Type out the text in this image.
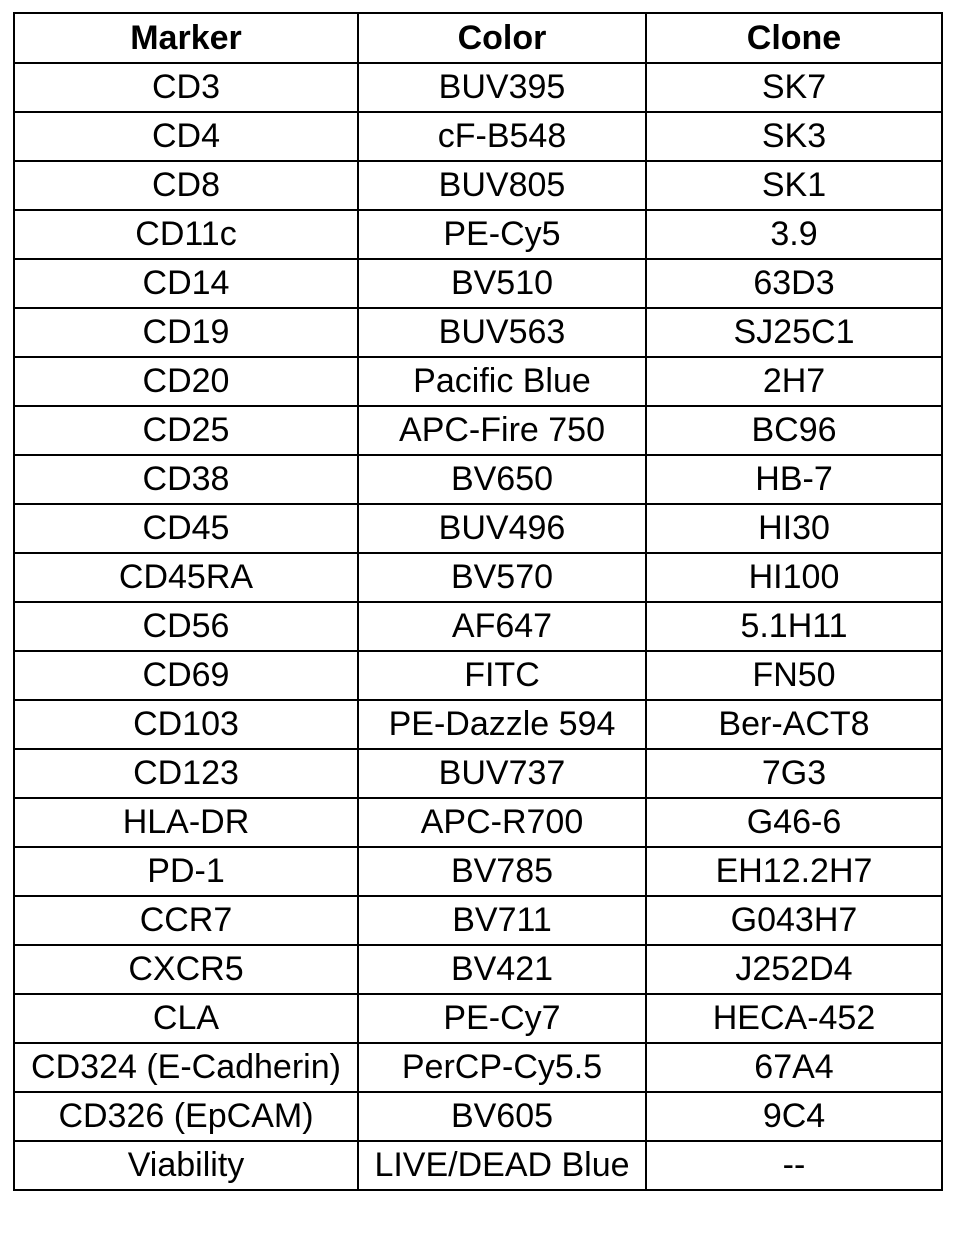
Marker	Color	Clone
CD3	BUV395	SK7
CD4	cF-B548	SK3
CD8	BUV805	SK1
CD11c	PE-Cy5	3.9
CD14	BV510	63D3
CD19	BUV563	SJ25C1
CD20	Pacific Blue	2H7
CD25	APC-Fire 750	BC96
CD38	BV650	HB-7
CD45	BUV496	HI30
CD45RA	BV570	HI100
CD56	AF647	5.1H11
CD69	FITC	FN50
CD103	PE-Dazzle 594	Ber-ACT8
CD123	BUV737	7G3
HLA-DR	APC-R700	G46-6
PD-1	BV785	EH12.2H7
CCR7	BV711	G043H7
CXCR5	BV421	J252D4
CLA	PE-Cy7	HECA-452
CD324 (E-Cadherin)	PerCP-Cy5.5	67A4
CD326 (EpCAM)	BV605	9C4
Viability	LIVE/DEAD Blue	--
